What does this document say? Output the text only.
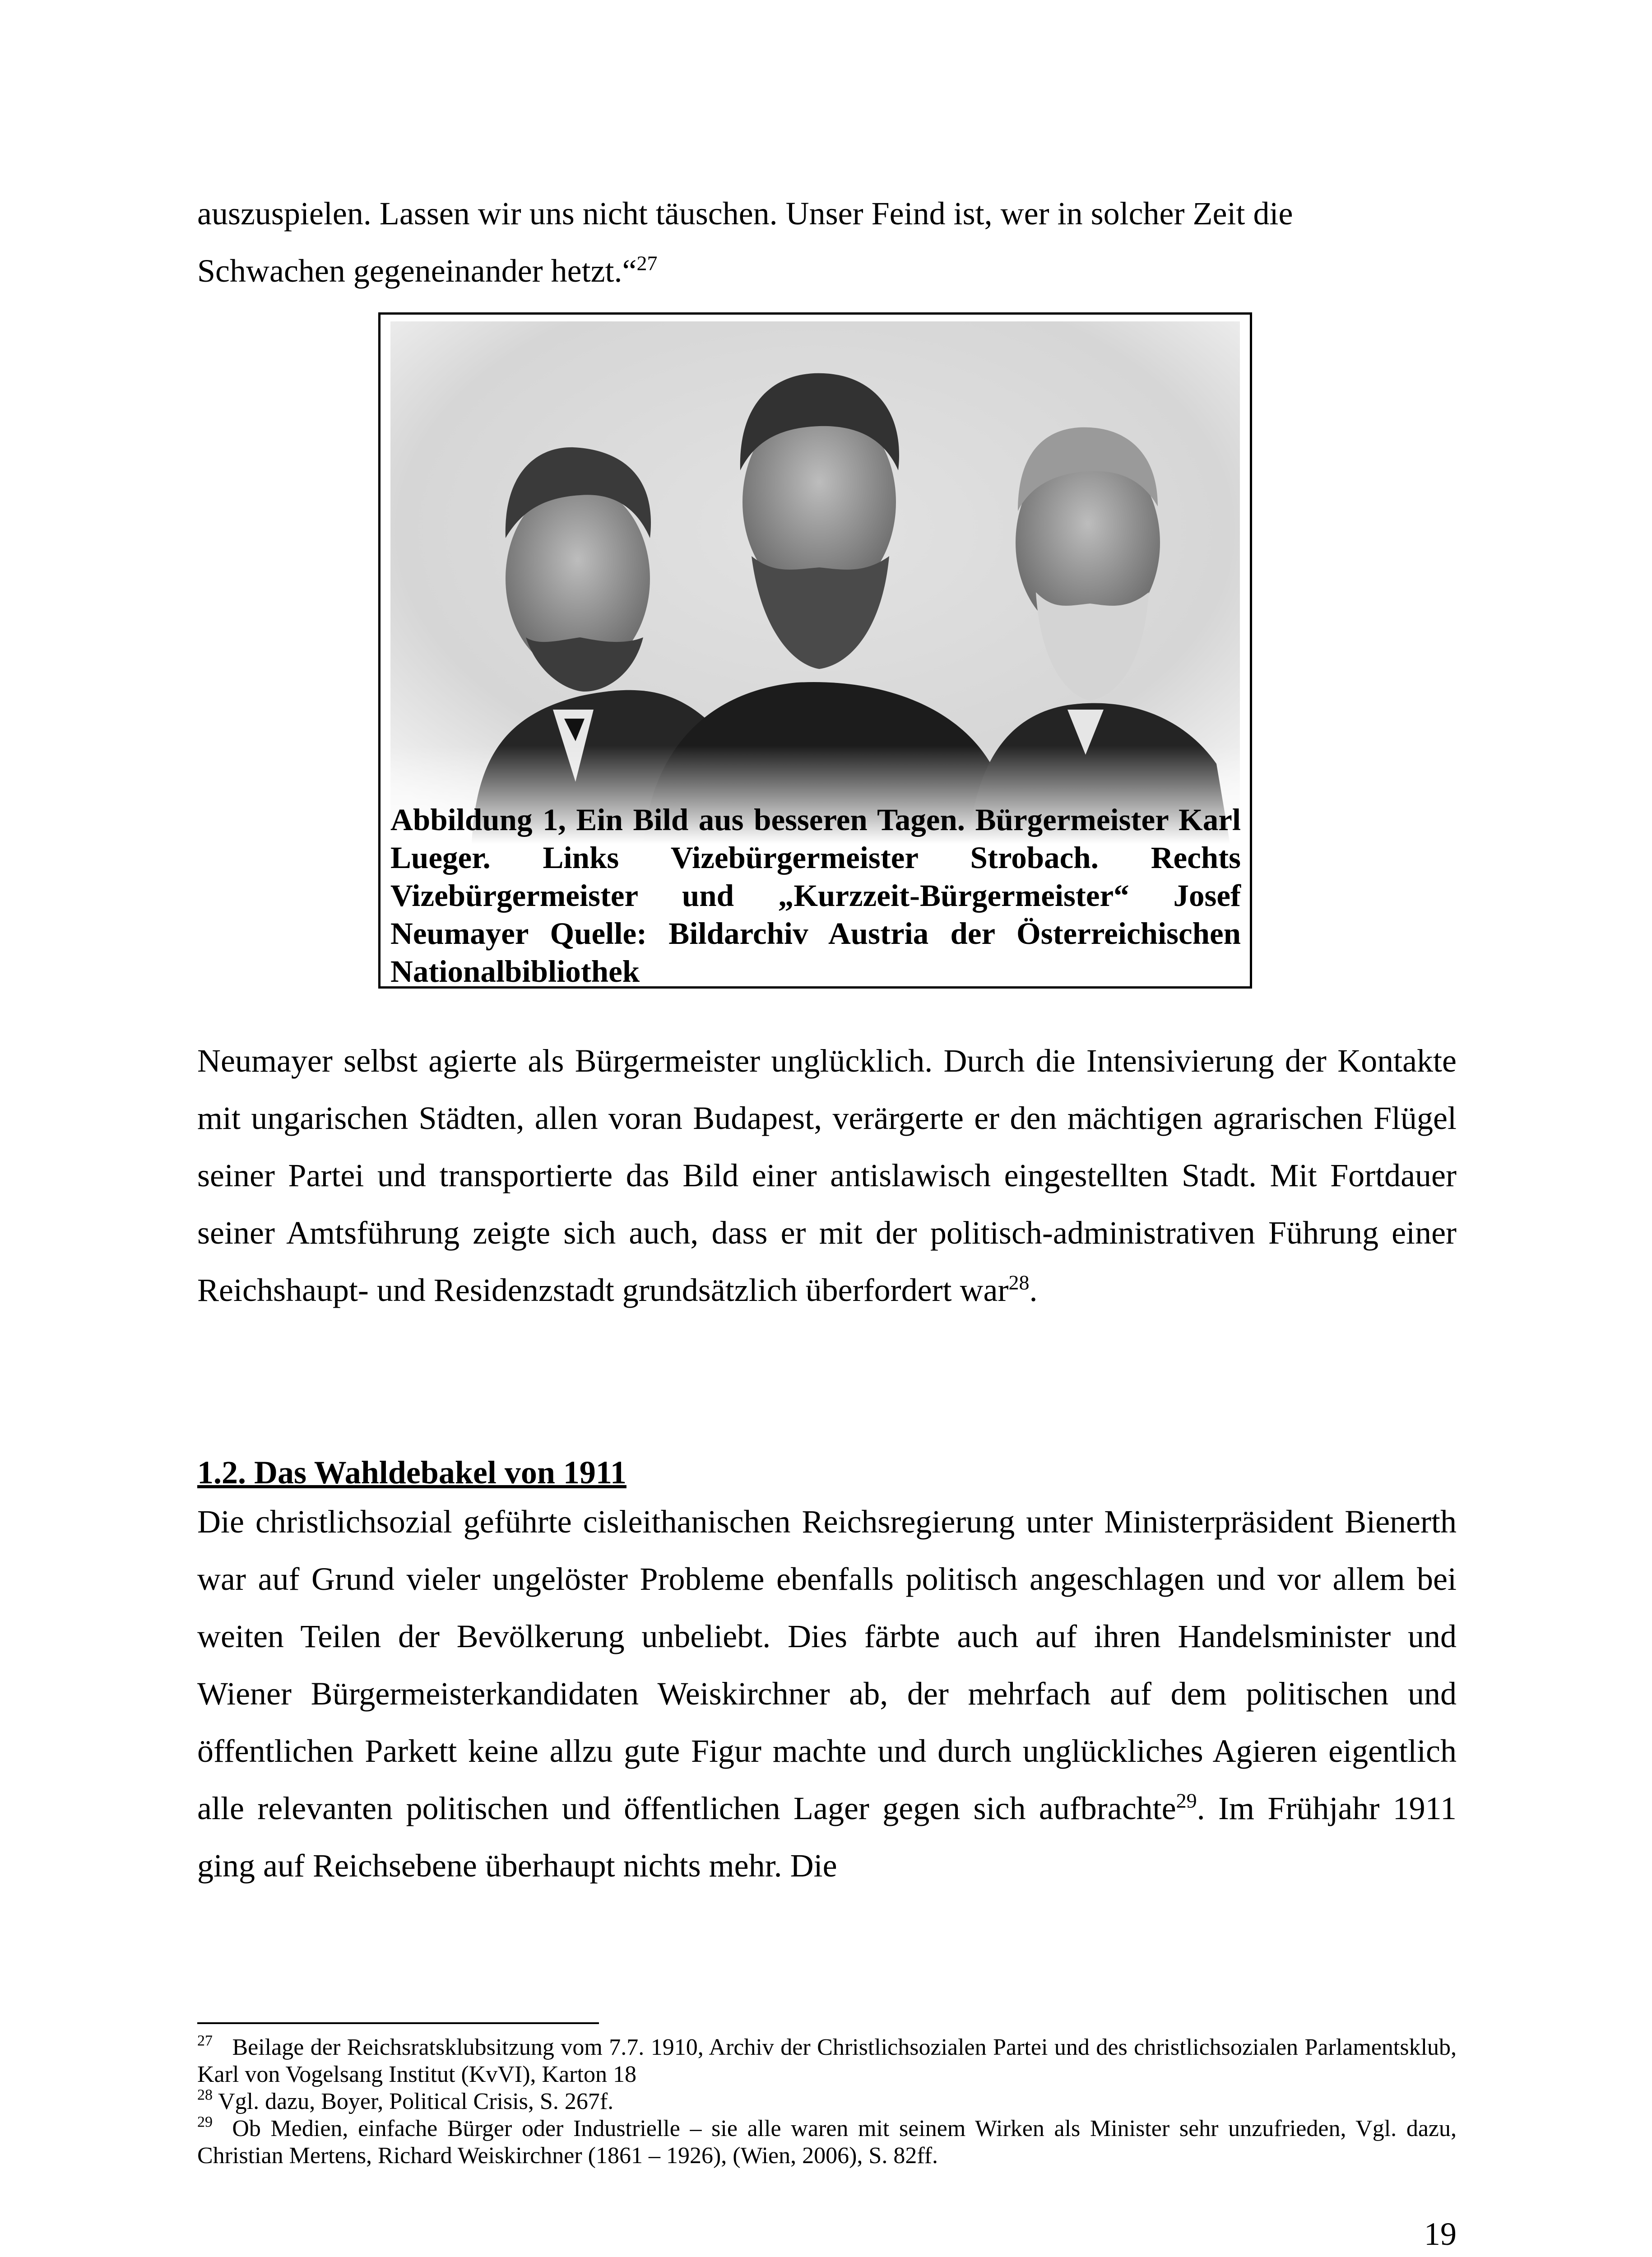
auszuspielen. Lassen wir uns nicht täuschen. Unser Feind ist, wer in solcher Zeit die
Schwachen gegeneinander hetzt.“$^{27}$

Abbildung 1, Ein Bild aus besseren Tagen. Bürgermeister Karl Lueger. Links Vizebürgermeister Strobach. Rechts Vizebürgermeister und „Kurzzeit-Bürgermeister“ Josef Neumayer Quelle: Bildarchiv Austria der Österreichischen Nationalbibliothek

Neumayer selbst agierte als Bürgermeister unglücklich. Durch die Intensivierung der Kontakte mit ungarischen Städten, allen voran Budapest, verärgerte er den mächtigen agrarischen Flügel seiner Partei und transportierte das Bild einer antislawisch eingestellten Stadt. Mit Fortdauer seiner Amtsführung zeigte sich auch, dass er mit der politisch-administrativen Führung einer Reichshaupt- und Residenzstadt grundsätzlich überfordert war$^{28}$.

1.2. Das Wahldebakel von 1911

Die christlichsozial geführte cisleithanischen Reichsregierung unter Ministerpräsident Bienerth war auf Grund vieler ungelöster Probleme ebenfalls politisch angeschlagen und vor allem bei weiten Teilen der Bevölkerung unbeliebt. Dies färbte auch auf ihren Handelsminister und Wiener Bürgermeisterkandidaten Weiskirchner ab, der mehrfach auf dem politischen und öffentlichen Parkett keine allzu gute Figur machte und durch unglückliches Agieren eigentlich alle relevanten politischen und öffentlichen Lager gegen sich aufbrachte$^{29}$. Im Frühjahr 1911 ging auf Reichsebene überhaupt nichts mehr. Die

$^{27}$ Beilage der Reichsratsklubsitzung vom 7.7. 1910, Archiv der Christlichsozialen Partei und des christlichsozialen Parlamentsklub, Karl von Vogelsang Institut (KvVI), Karton 18

$^{28}$ Vgl. dazu, Boyer, Political Crisis, S. 267f.

$^{29}$ Ob Medien, einfache Bürger oder Industrielle – sie alle waren mit seinem Wirken als Minister sehr unzufrieden, Vgl. dazu, Christian Mertens, Richard Weiskirchner (1861 – 1926), (Wien, 2006), S. 82ff.

19
